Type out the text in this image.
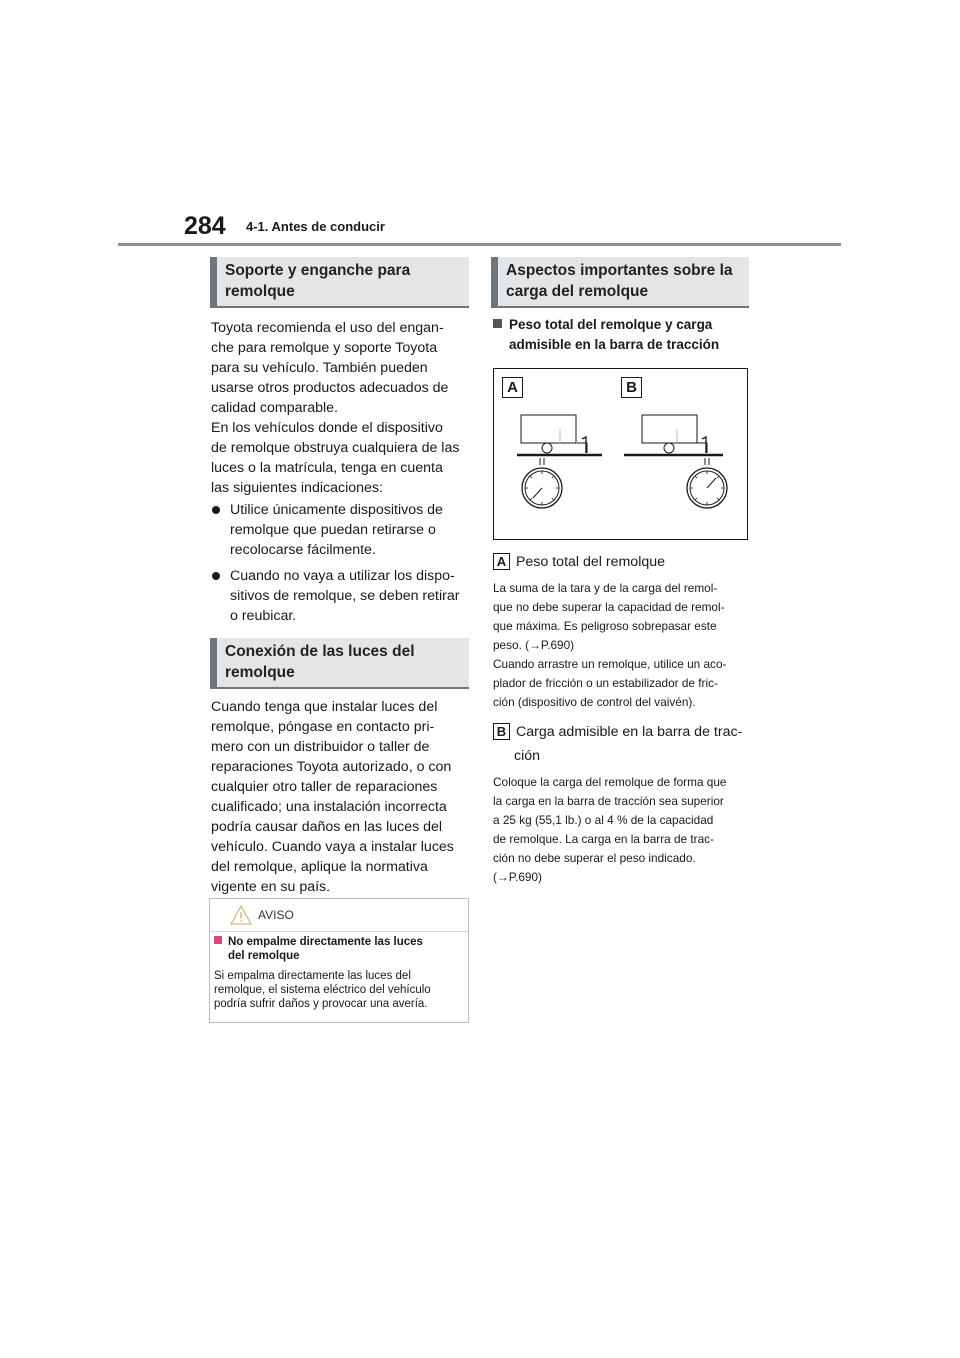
284 4-1. Antes de conducir
Soporte y enganche para
remolque

Toyota recomienda el uso del engan-

che para remolque y soporte Toyota

para su vehículo. También pueden

usarse otros productos adecuados de

calidad comparable.

En los vehículos donde el dispositivo

de remolque obstruya cualquiera de las

luces o la matrícula, tenga en cuenta

las siguientes indicaciones:

Utilice únicamente dispositivos de
remolque que puedan retirarse o
recolocarse fácilmente.
Cuando no vaya a utilizar los dispo-
sitivos de remolque, se deben retirar
o reubicar.
Conexión de las luces del
remolque

Cuando tenga que instalar luces del

remolque, póngase en contacto pri-

mero con un distribuidor o taller de

reparaciones Toyota autorizado, o con

cualquier otro taller de reparaciones

cualificado; una instalación incorrecta

podría causar daños en las luces del

vehículo. Cuando vaya a instalar luces

del remolque, aplique la normativa

vigente en su país.

AVISO
No empalme directamente las luces
del remolque
Si empalma directamente las luces del
remolque, el sistema eléctrico del vehículo
podría sufrir daños y provocar una avería.
Aspectos importantes sobre la
carga del remolque
Peso total del remolque y carga
admisible en la barra de tracción
A	B
A Peso total del remolque

La suma de la tara y de la carga del remol-

que no debe superar la capacidad de remol-

que máxima. Es peligroso sobrepasar este

peso. (→P.690)

Cuando arrastre un remolque, utilice un aco-

plador de fricción o un estabilizador de fric-

ción (dispositivo de control del vaivén).

B Carga admisible en la barra de trac-
ción

Coloque la carga del remolque de forma que

la carga en la barra de tracción sea superior

a 25 kg (55,1 lb.) o al 4 % de la capacidad

de remolque. La carga en la barra de trac-

ción no debe superar el peso indicado.

(→P.690)
